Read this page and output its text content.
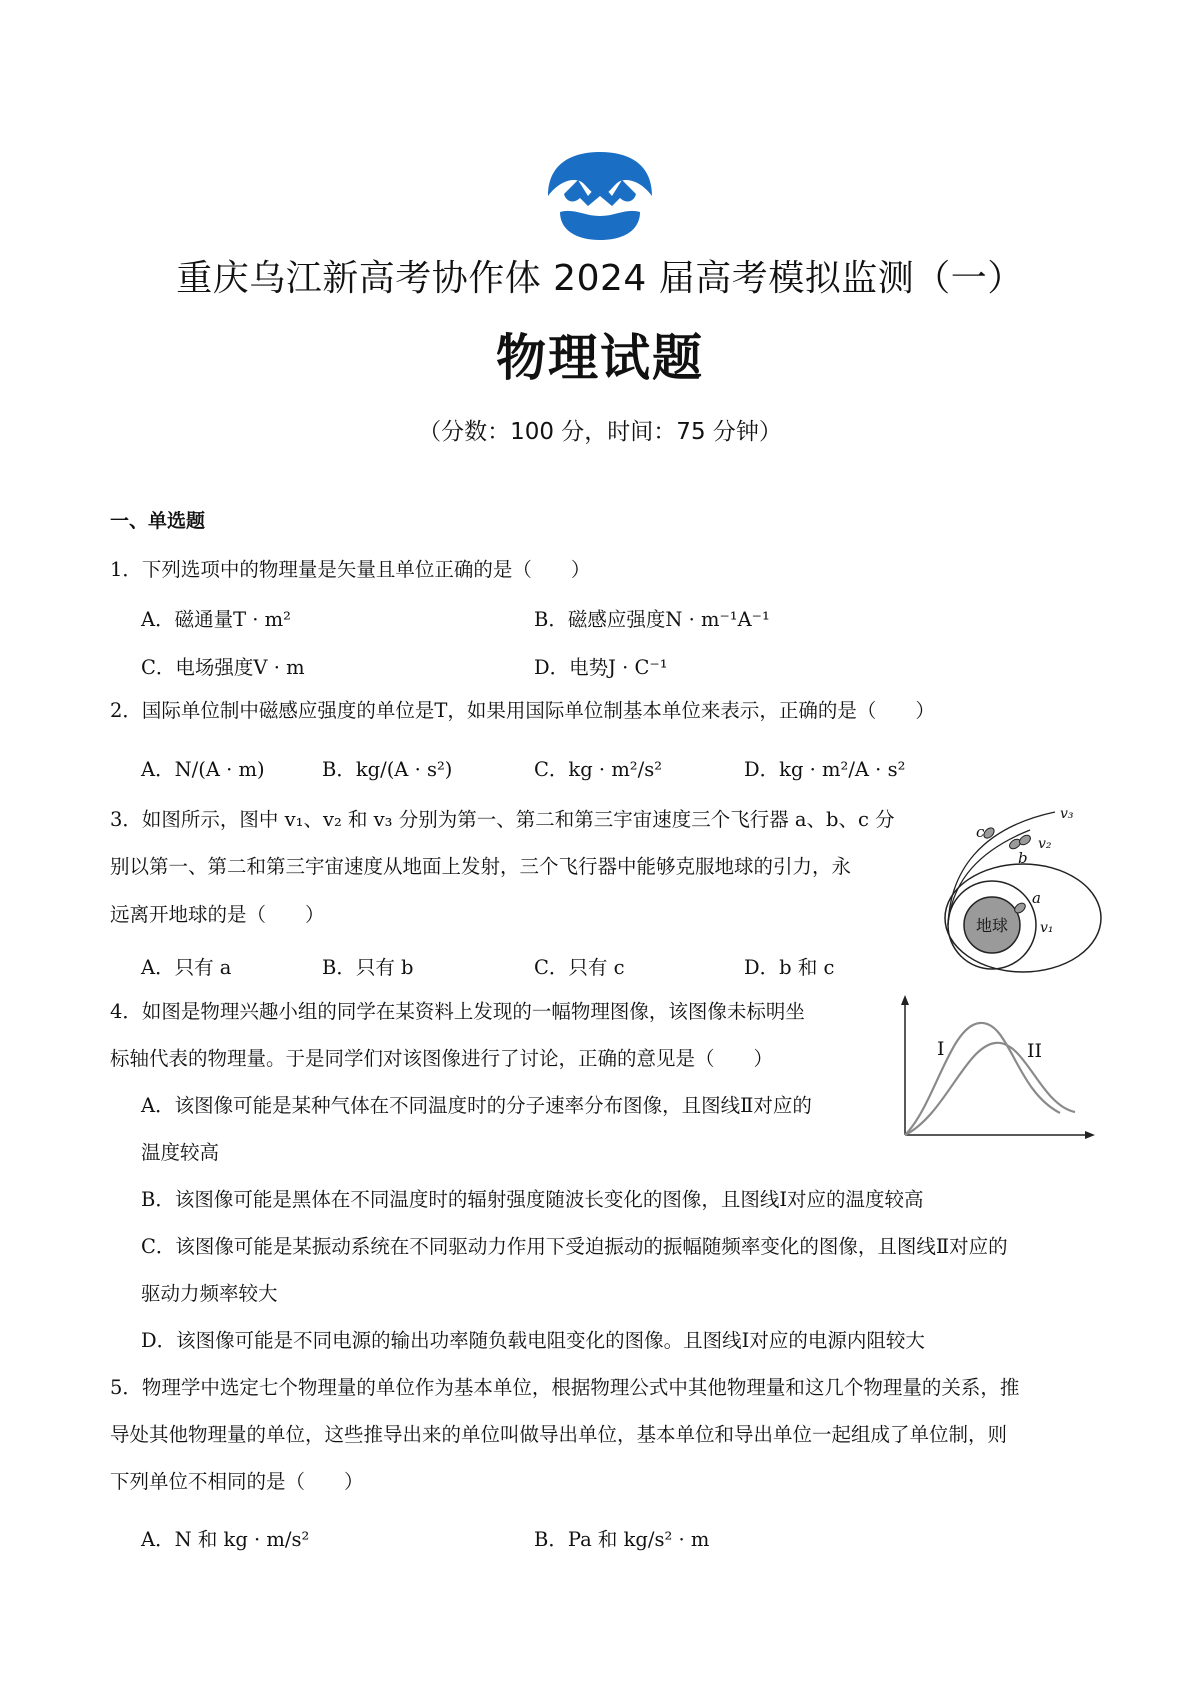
重庆乌江新高考协作体 2024 届高考模拟监测（一）
物理试题
（分数：100 分，时间：75 分钟）
一、单选题
1．下列选项中的物理量是矢量且单位正确的是（　　）
A．磁通量T · m²	B．磁感应强度N · m⁻¹A⁻¹
C．电场强度V · m	D．电势J · C⁻¹
2．国际单位制中磁感应强度的单位是T，如果用国际单位制基本单位来表示，正确的是（　　）
A．N/(A · m)	B．kg/(A · s²)	C．kg · m²/s²	D．kg · m²/A · s²
3．如图所示，图中 v₁、v₂ 和 v₃ 分别为第一、第二和第三宇宙速度三个飞行器 a、b、c 分
别以第一、第二和第三宇宙速度从地面上发射，三个飞行器中能够克服地球的引力，永
远离开地球的是（　　）
A．只有 a	B．只有 b	C．只有 c	D．b 和 c
地球
a
b
c
v₁
v₂
v₃
4．如图是物理兴趣小组的同学在某资料上发现的一幅物理图像，该图像未标明坐
标轴代表的物理量。于是同学们对该图像进行了讨论，正确的意见是（　　）
A．该图像可能是某种气体在不同温度时的分子速率分布图像，且图线Ⅱ对应的
温度较高
B．该图像可能是黑体在不同温度时的辐射强度随波长变化的图像，且图线Ⅰ对应的温度较高
C．该图像可能是某振动系统在不同驱动力作用下受迫振动的振幅随频率变化的图像，且图线Ⅱ对应的
驱动力频率较大
D．该图像可能是不同电源的输出功率随负载电阻变化的图像。且图线Ⅰ对应的电源内阻较大
I	II
5．物理学中选定七个物理量的单位作为基本单位，根据物理公式中其他物理量和这几个物理量的关系，推
导处其他物理量的单位，这些推导出来的单位叫做导出单位，基本单位和导出单位一起组成了单位制，则
下列单位不相同的是（　　）
A．N 和 kg · m/s²	B．Pa 和 kg/s² · m
